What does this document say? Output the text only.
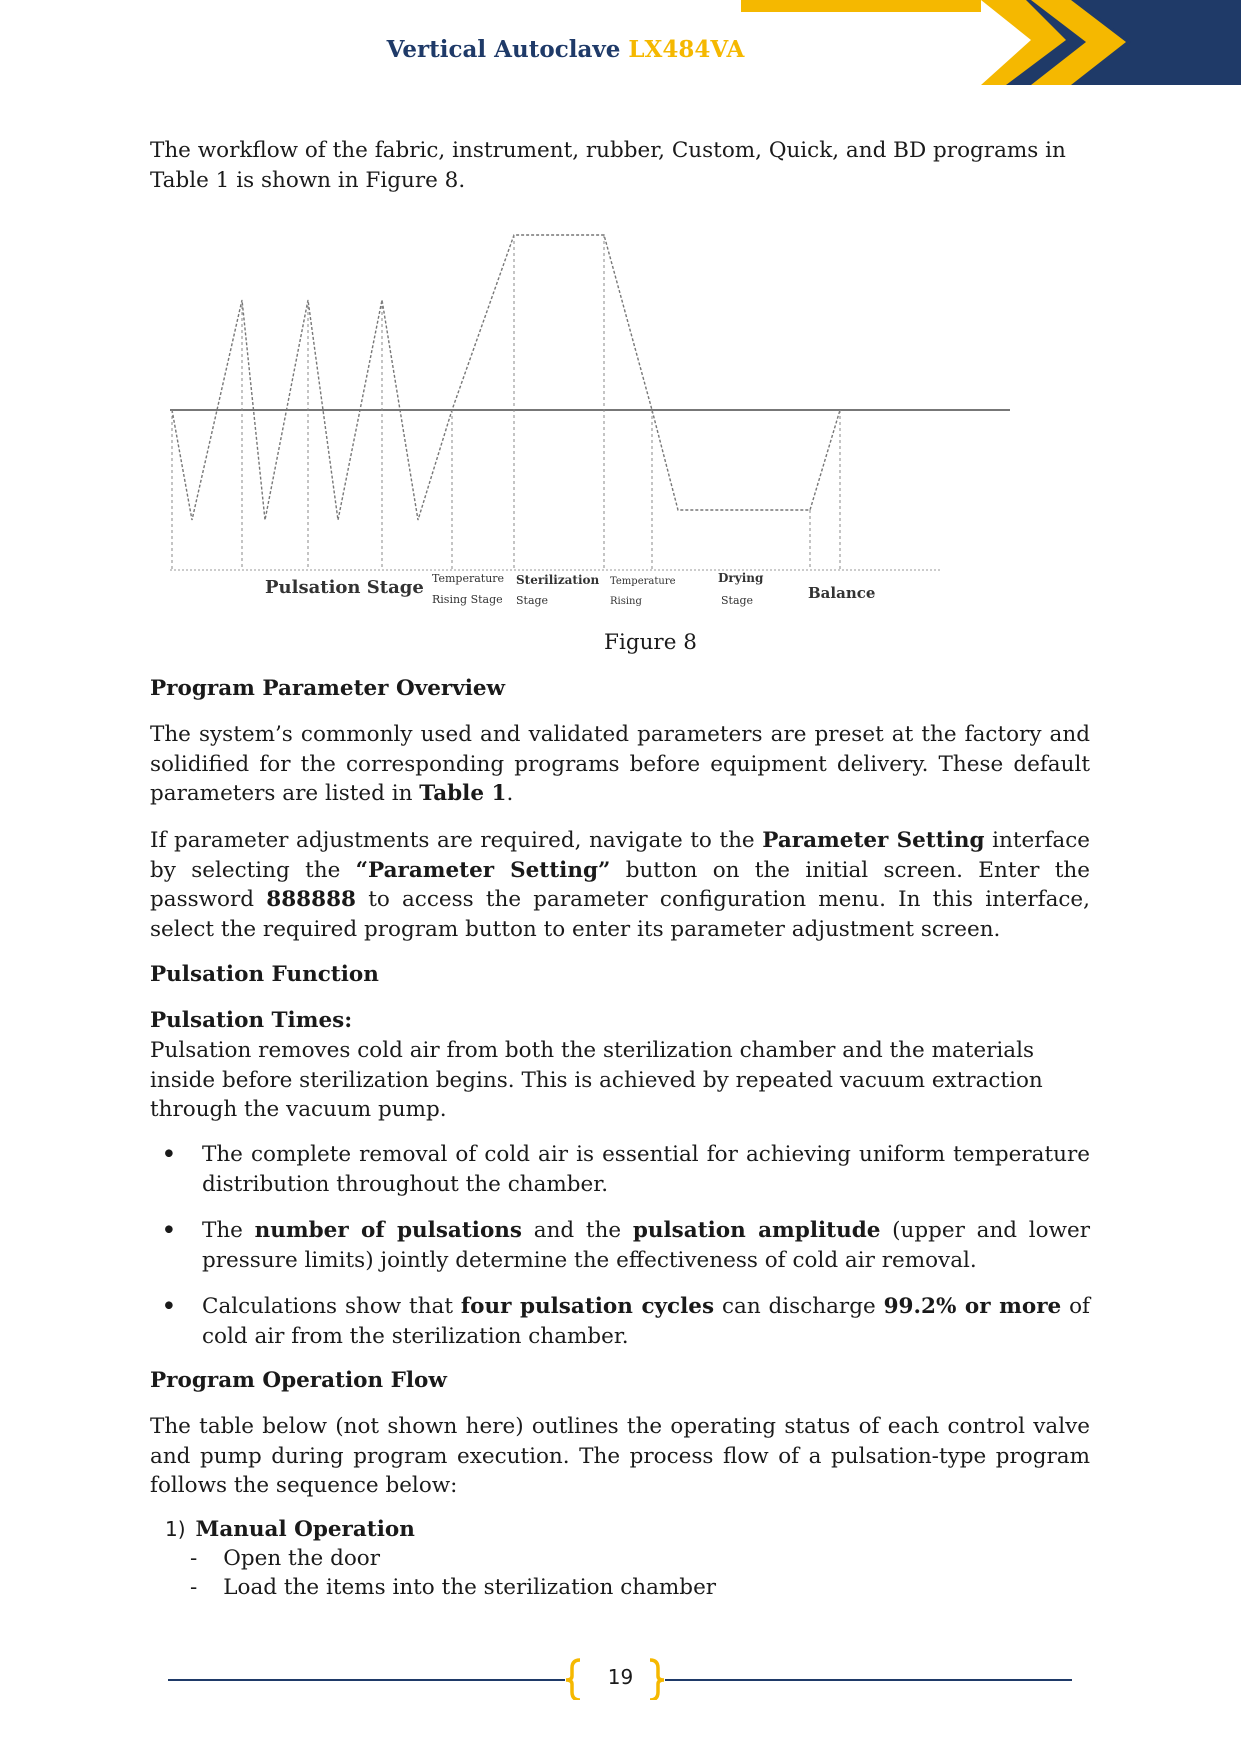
Vertical Autoclave LX484VA
The workflow of the fabric, instrument, rubber, Custom, Quick, and BD programs in Table 1 is shown in Figure 8.
Pulsation Stage Temperature
Rising Stage
Sterilization
Stage
Temperature
Rising
Drying
Stage	Balance
Figure 8
Program Parameter Overview
The system’s commonly used and validated parameters are preset at the factory and solidified for the corresponding programs before equipment delivery. These default parameters are listed in Table 1.
If parameter adjustments are required, navigate to the Parameter Setting interface by selecting the “Parameter Setting” button on the initial screen. Enter the password 888888 to access the parameter configuration menu. In this interface, select the required program button to enter its parameter adjustment screen.
Pulsation Function
Pulsation Times:
Pulsation removes cold air from both the sterilization chamber and the materials inside before sterilization begins. This is achieved by repeated vacuum extraction through the vacuum pump.
• The complete removal of cold air is essential for achieving uniform temperature distribution throughout the chamber.
• The number of pulsations and the pulsation amplitude (upper and lower pressure limits) jointly determine the effectiveness of cold air removal.
• Calculations show that four pulsation cycles can discharge 99.2% or more of cold air from the sterilization chamber.
Program Operation Flow
The table below (not shown here) outlines the operating status of each control valve and pump during program execution. The process flow of a pulsation-type program follows the sequence below:
1) Manual Operation
- Open the door
- Load the items into the sterilization chamber
19
